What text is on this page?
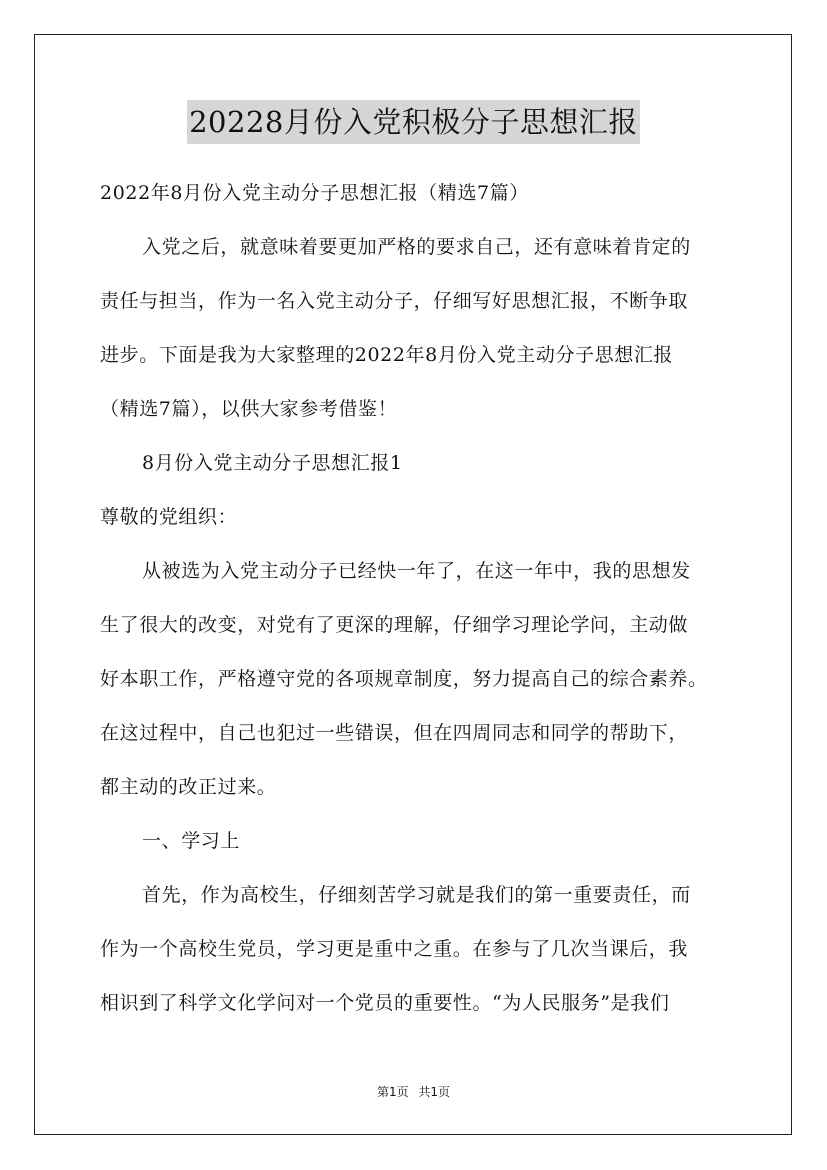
20228月份入党积极分子思想汇报
2022年8月份入党主动分子思想汇报（精选7篇）
入党之后，就意味着要更加严格的要求自己，还有意味着肯定的
责任与担当，作为一名入党主动分子，仔细写好思想汇报，不断争取
进步。下面是我为大家整理的2022年8月份入党主动分子思想汇报
（精选7篇），以供大家参考借鉴！
8月份入党主动分子思想汇报1
尊敬的党组织：
从被选为入党主动分子已经快一年了，在这一年中，我的思想发
生了很大的改变，对党有了更深的理解，仔细学习理论学问，主动做
好本职工作，严格遵守党的各项规章制度，努力提高自己的综合素养。
在这过程中，自己也犯过一些错误，但在四周同志和同学的帮助下，
都主动的改正过来。
一、学习上
首先，作为高校生，仔细刻苦学习就是我们的第一重要责任，而
作为一个高校生党员，学习更是重中之重。在参与了几次当课后，我
相识到了科学文化学问对一个党员的重要性。“为人民服务”是我们
第1页 共1页
